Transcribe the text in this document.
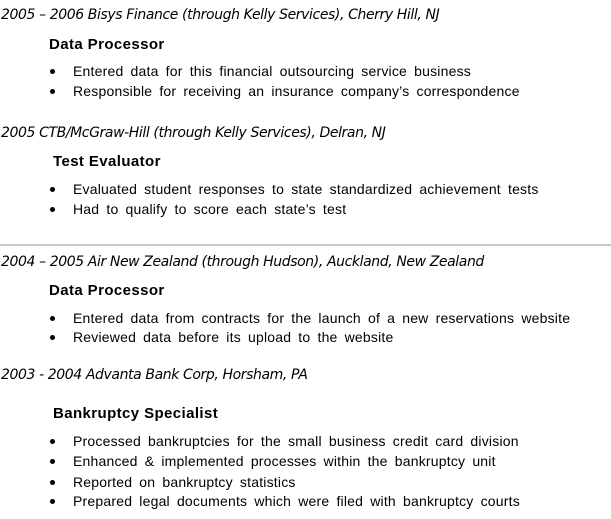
2005 – 2006 Bisys Finance (through Kelly Services), Cherry Hill, NJ

Data Processor

Entered data for this financial outsourcing service business
Responsible for receiving an insurance company’s correspondence

2005 CTB/McGraw-Hill (through Kelly Services), Delran, NJ

Test Evaluator

Evaluated student responses to state standardized achievement tests
Had to qualify to score each state’s test

2004 – 2005 Air New Zealand (through Hudson), Auckland, New Zealand

Data Processor

Entered data from contracts for the launch of a new reservations website
Reviewed data before its upload to the website

2003 - 2004 Advanta Bank Corp, Horsham, PA

Bankruptcy Specialist

Processed bankruptcies for the small business credit card division
Enhanced & implemented processes within the bankruptcy unit
Reported on bankruptcy statistics
Prepared legal documents which were filed with bankruptcy courts
